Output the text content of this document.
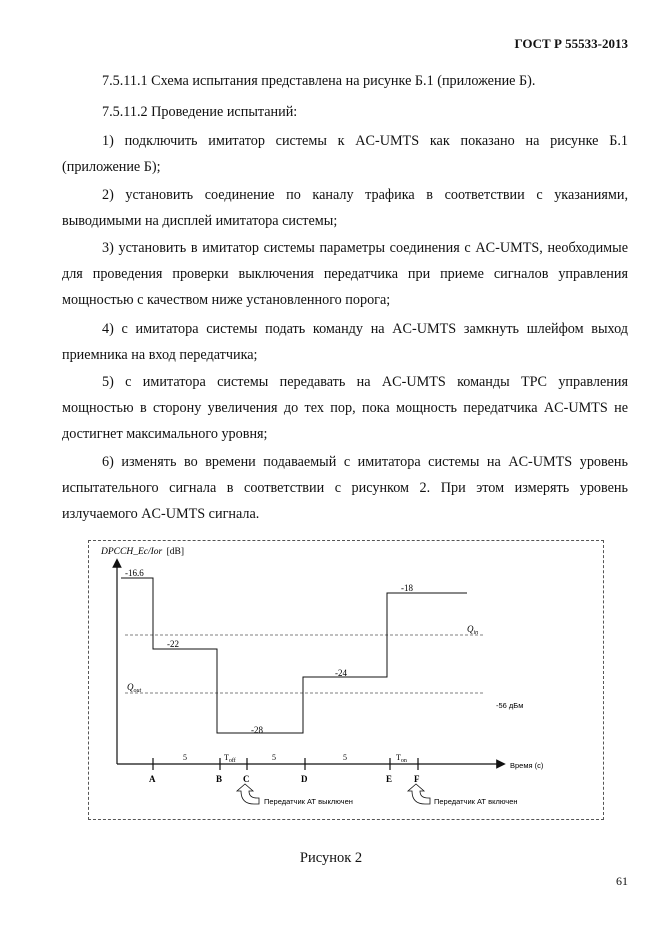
ГОСТ Р 55533-2013

7.5.11.1 Схема испытания представлена на рисунке Б.1 (приложение Б).

7.5.11.2 Проведение испытаний:

1) подключить имитатор системы к AC-UMTS как показано на рисунке Б.1 (приложение Б);

2) установить соединение по каналу трафика в соответствии с указаниями, выводимыми на дисплей имитатора системы;

3) установить в имитатор системы параметры соединения с AC-UMTS, необходимые для проведения проверки выключения передатчика при приеме сигналов управления мощностью с качеством ниже установленного порога;

4) с имитатора системы подать команду на AC-UMTS замкнуть шлейфом выход приемника на вход передатчика;

5) с имитатора системы передавать на AC-UMTS команды TPC управления мощностью в сторону увеличения до тех пор, пока мощность передатчика AC-UMTS не достигнет максимального уровня;

6) изменять во времени подаваемый с имитатора системы на AC-UMTS уровень испытательного сигнала в соответствии с рисунком 2. При этом измерять уровень излучаемого AC-UMTS сигнала.

DPCCH_Ec/Ior [dB]
Время (с)
$Q_{in}$
$Q_{out}$
-56 дБм
-16.6
-22
-28
-24
-18
A	B C	D	E F
5	5	5
$T_{off}$	$T_{on}$
Передатчик АТ выключен	Передатчик АТ включен
Рисунок 2
61
